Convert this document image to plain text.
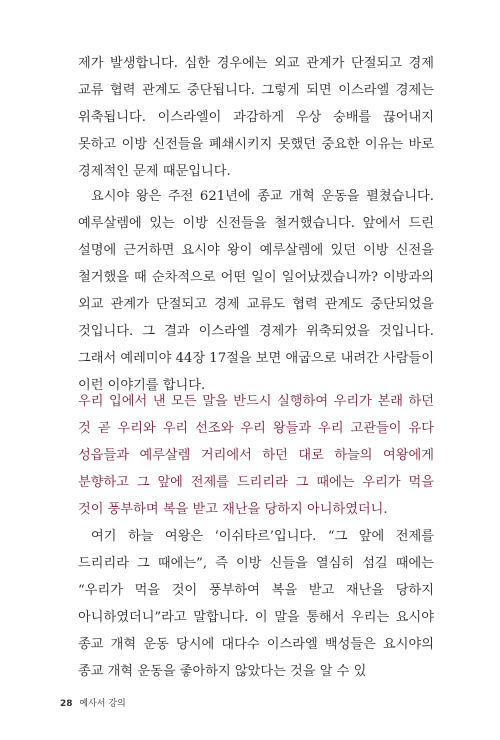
제가 발생합니다. 심한 경우에는 외교 관계가 단절되고 경제 교류 협력 관계도 중단됩니다. 그렇게 되면 이스라엘 경제는 위축됩니다. 이스라엘이 과감하게 우상 숭배를 끊어내지 못하고 이방 신전들을 폐쇄시키지 못했던 중요한 이유는 바로 경제적인 문제 때문입니다.

요시야 왕은 주전 621년에 종교 개혁 운동을 펼쳤습니다. 예루살렘에 있는 이방 신전들을 철거했습니다. 앞에서 드린 설명에 근거하면 요시야 왕이 예루살렘에 있던 이방 신전을 철거했을 때 순차적으로 어떤 일이 일어났겠습니까? 이방과의 외교 관계가 단절되고 경제 교류도 협력 관계도 중단되었을 것입니다. 그 결과 이스라엘 경제가 위축되었을 것입니다. 그래서 예레미야 44장 17절을 보면 애굽으로 내려간 사람들이 이런 이야기를 합니다.

우리 입에서 낸 모든 말을 반드시 실행하여 우리가 본래 하던 것 곧 우리와 우리 선조와 우리 왕들과 우리 고관들이 유다 성읍들과 예루살렘 거리에서 하던 대로 하늘의 여왕에게 분향하고 그 앞에 전제를 드리리라 그 때에는 우리가 먹을 것이 풍부하며 복을 받고 재난을 당하지 아니하였더니.

여기 하늘 여왕은 ‘이쉬타르’입니다. “그 앞에 전제를 드리리라 그 때에는”, 즉 이방 신들을 열심히 섬길 때에는 “우리가 먹을 것이 풍부하여 복을 받고 재난을 당하지 아니하였더니”라고 말합니다. 이 말을 통해서 우리는 요시야 종교 개혁 운동 당시에 대다수 이스라엘 백성들은 요시야의 종교 개혁 운동을 좋아하지 않았다는 것을 알 수 있

28 예사서 강의
